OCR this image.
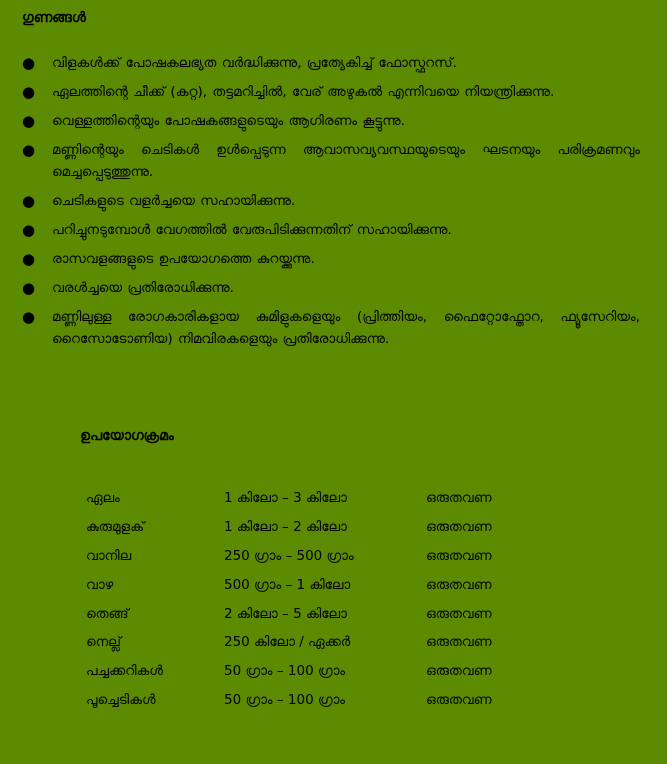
ഗുണങ്ങൾ
● വിളകൾക്ക് പോഷകലഭ്യത വർദ്ധിക്കുന്നു, പ്രത്യേകിച്ച് ഫോസ്ഫറസ്.
● ഏലത്തിന്റെ ചീക്ക് (കറ്റ), തട്ടമറിച്ചിൽ, വേര് അഴുകൽ എന്നിവയെ നിയന്ത്രിക്കുന്നു.
● വെള്ളത്തിന്റെയും പോഷകങ്ങളുടെയും ആഗിരണം കൂട്ടുന്നു.
● മണ്ണിന്റെയും ചെടികൾ ഉൾപ്പെടുന്ന ആവാസവ്യവസ്ഥയുടെയും ഘടനയും പരിക്രമണവും മെച്ചപ്പെടുത്തുന്നു.
● ചെടികളുടെ വളർച്ചയെ സഹായിക്കുന്നു.
● പറിച്ചുനടുമ്പോൾ വേഗത്തിൽ വേരുപിടിക്കുന്നതിന് സഹായിക്കുന്നു.
● രാസവളങ്ങളുടെ ഉപയോഗത്തെ കുറയ്ക്കുന്നു.
● വരൾച്ചയെ പ്രതിരോധിക്കുന്നു.
● മണ്ണിലുള്ള രോഗകാരികളായ കുമിളുകളെയും (പ്രിത്തിയം, ഫൈറ്റോഫ്തോറ, ഫ്യൂസേറിയം, റൈസോടോണിയ) നിമവിരകളെയും പ്രതിരോധിക്കുന്നു.
ഉപയോഗക്രമം
ഏലം	1 കിലോ – 3 കിലോ	ഒരുതവണ
കുരുമുളക്	1 കിലോ – 2 കിലോ	ഒരുതവണ
വാനില	250 ഗ്രാം – 500 ഗ്രാം	ഒരുതവണ
വാഴ	500 ഗ്രാം – 1 കിലോ	ഒരുതവണ
തെങ്ങ്	2 കിലോ – 5 കിലോ	ഒരുതവണ
നെല്ല്	250 കിലോ / ഏക്കർ	ഒരുതവണ
പച്ചക്കറികൾ	50 ഗ്രാം – 100 ഗ്രാം	ഒരുതവണ
പൂച്ചെടികൾ	50 ഗ്രാം – 100 ഗ്രാം	ഒരുതവണ
